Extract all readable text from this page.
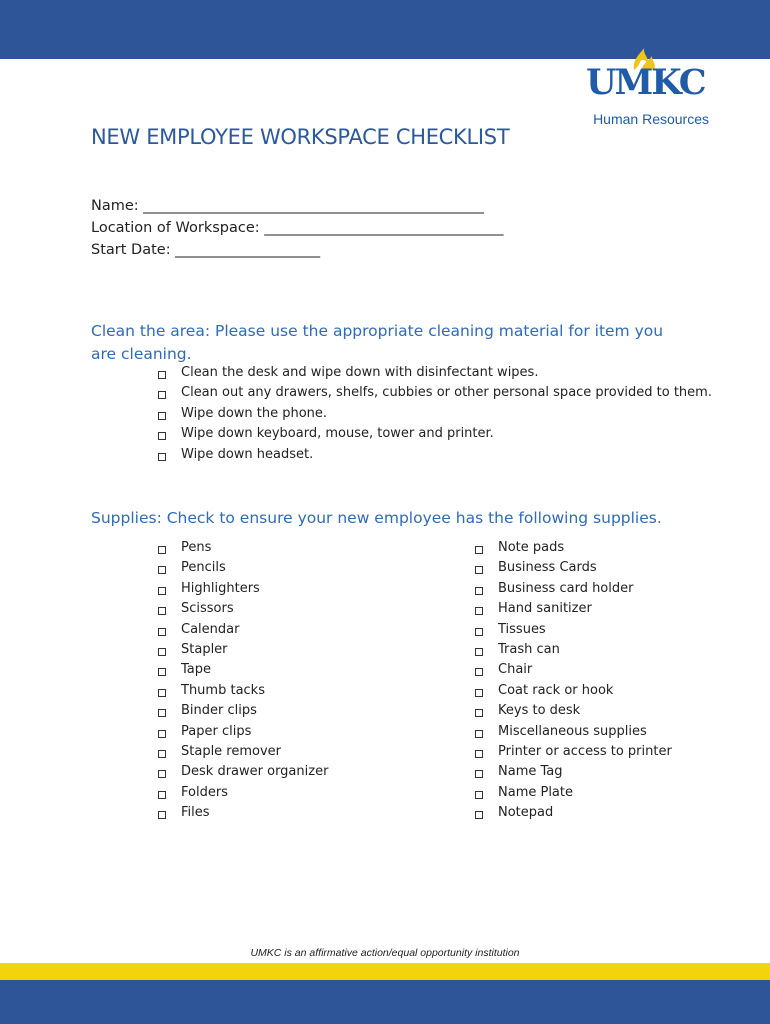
UMKC
Human Resources
NEW EMPLOYEE WORKSPACE CHECKLIST
Name: _______________________________________________
Location of Workspace: _________________________________
Start Date: ____________________
Clean the area: Please use the appropriate cleaning material for item you are cleaning.
Clean the desk and wipe down with disinfectant wipes.
Clean out any drawers, shelfs, cubbies or other personal space provided to them.
Wipe down the phone.
Wipe down keyboard, mouse, tower and printer.
Wipe down headset.
Supplies: Check to ensure your new employee has the following supplies.
Pens
Pencils
Highlighters
Scissors
Calendar
Stapler
Tape
Thumb tacks
Binder clips
Paper clips
Staple remover
Desk drawer organizer
Folders
Files
Note pads
Business Cards
Business card holder
Hand sanitizer
Tissues
Trash can
Chair
Coat rack or hook
Keys to desk
Miscellaneous supplies
Printer or access to printer
Name Tag
Name Plate
Notepad
UMKC is an affirmative action/equal opportunity institution
